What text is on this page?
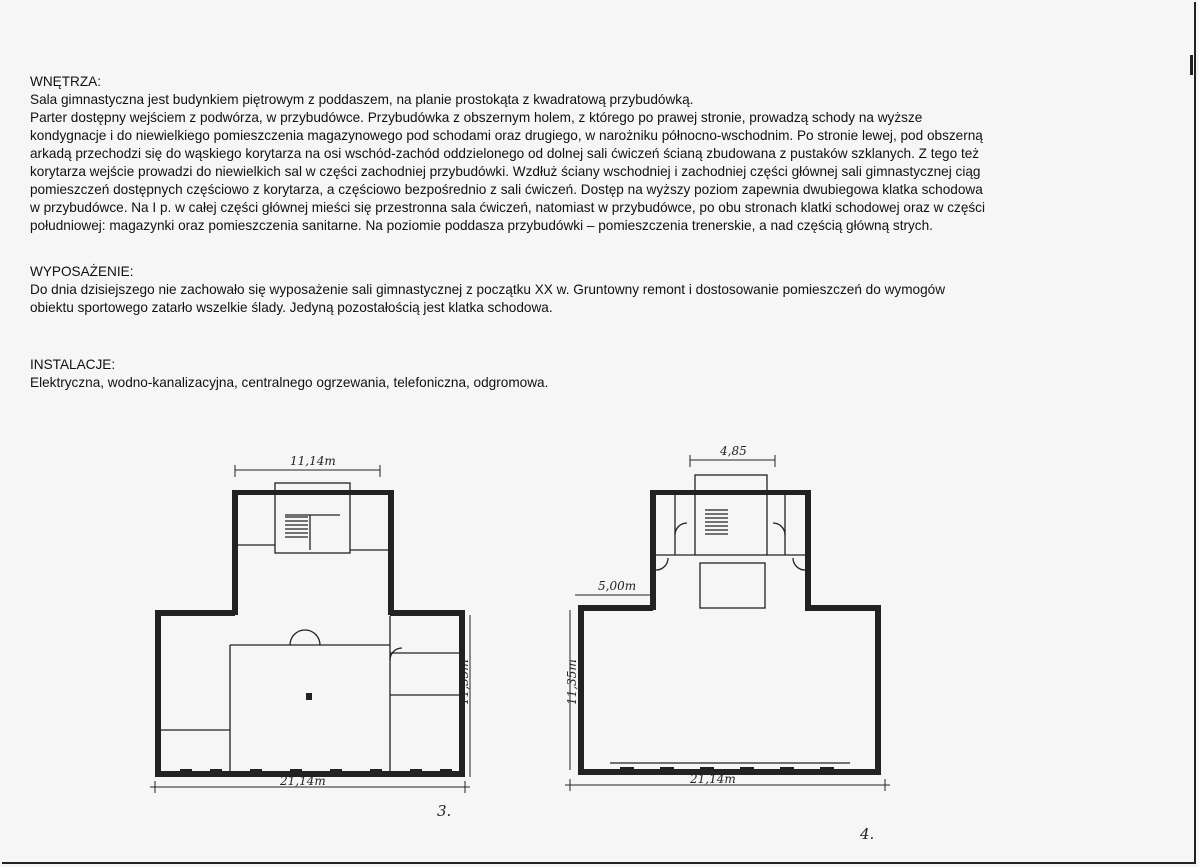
WNĘTRZA:
Sala gimnastyczna jest budynkiem piętrowym z poddaszem, na planie prostokąta z kwadratową przybudówką.
Parter dostępny wejściem z podwórza, w przybudówce. Przybudówka z obszernym holem, z którego po prawej stronie, prowadzą schody na wyższe
kondygnacje i do niewielkiego pomieszczenia magazynowego pod schodami oraz drugiego, w narożniku północno-wschodnim. Po stronie lewej, pod obszerną
arkadą przechodzi się do wąskiego korytarza na osi wschód-zachód oddzielonego od dolnej sali ćwiczeń ścianą zbudowana z pustaków szklanych. Z tego też
korytarza wejście prowadzi do niewielkich sal w części zachodniej przybudówki. Wzdłuż ściany wschodniej i zachodniej części głównej sali gimnastycznej ciąg
pomieszczeń dostępnych częściowo z korytarza, a częściowo bezpośrednio z sali ćwiczeń. Dostęp na wyższy poziom zapewnia dwubiegowa klatka schodowa
w przybudówce. Na I p. w całej części głównej mieści się przestronna sala ćwiczeń, natomiast w przybudówce, po obu stronach klatki schodowej oraz w części
południowej: magazynki oraz pomieszczenia sanitarne. Na poziomie poddasza przybudówki – pomieszczenia trenerskie, a nad częścią główną strych.
WYPOSAŻENIE:
Do dnia dzisiejszego nie zachowało się wyposażenie sali gimnastycznej z początku XX w. Gruntowny remont i dostosowanie pomieszczeń do wymogów
obiektu sportowego zatarło wszelkie ślady. Jedyną pozostałością jest klatka schodowa.
INSTALACJE:
Elektryczna, wodno-kanalizacyjna, centralnego ogrzewania, telefoniczna, odgromowa.
11,14m
21,14m
11,35m
3.
4,85
5,00m
21,14m
11,35m
4.
